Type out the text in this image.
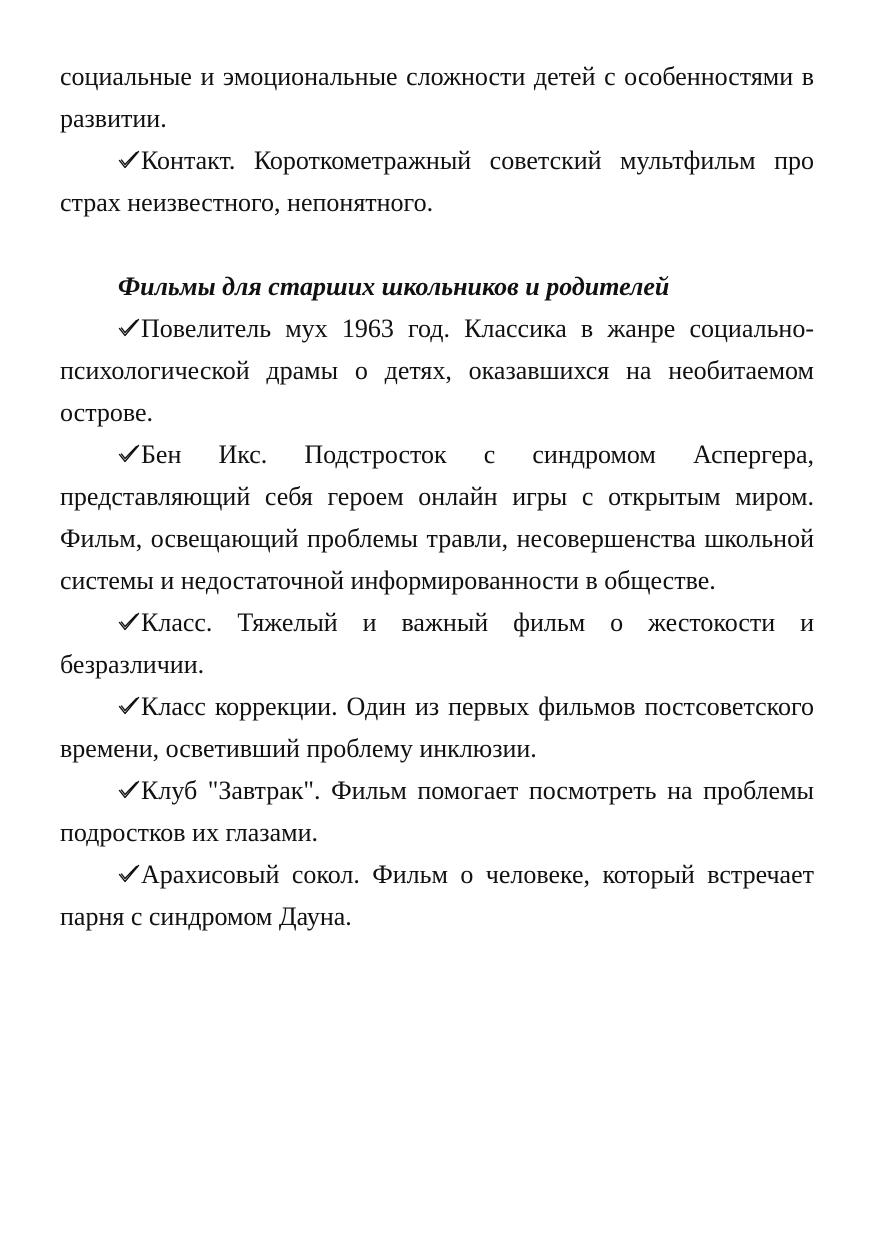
социальные и эмоциональные сложности детей с особенностями в развитии.

Контакт. Короткометражный советский мультфильм про страх неизвестного, непонятного.

Фильмы для старших школьников и родителей

Повелитель мух 1963 год. Классика в жанре социально-психологической драмы о детях, оказавшихся на необитаемом острове.

Бен Икс. Подстросток с синдромом Аспергера, представляющий себя героем онлайн игры с открытым миром. Фильм, освещающий проблемы травли, несовершенства школьной системы и недостаточной информированности в обществе.

Класс. Тяжелый и важный фильм о жестокости и безразличии.

Класс коррекции. Один из первых фильмов постсоветского времени, осветивший проблему инклюзии.

Клуб "Завтрак". Фильм помогает посмотреть на проблемы подростков их глазами.

Арахисовый сокол. Фильм о человеке, который встречает парня с синдромом Дауна.
